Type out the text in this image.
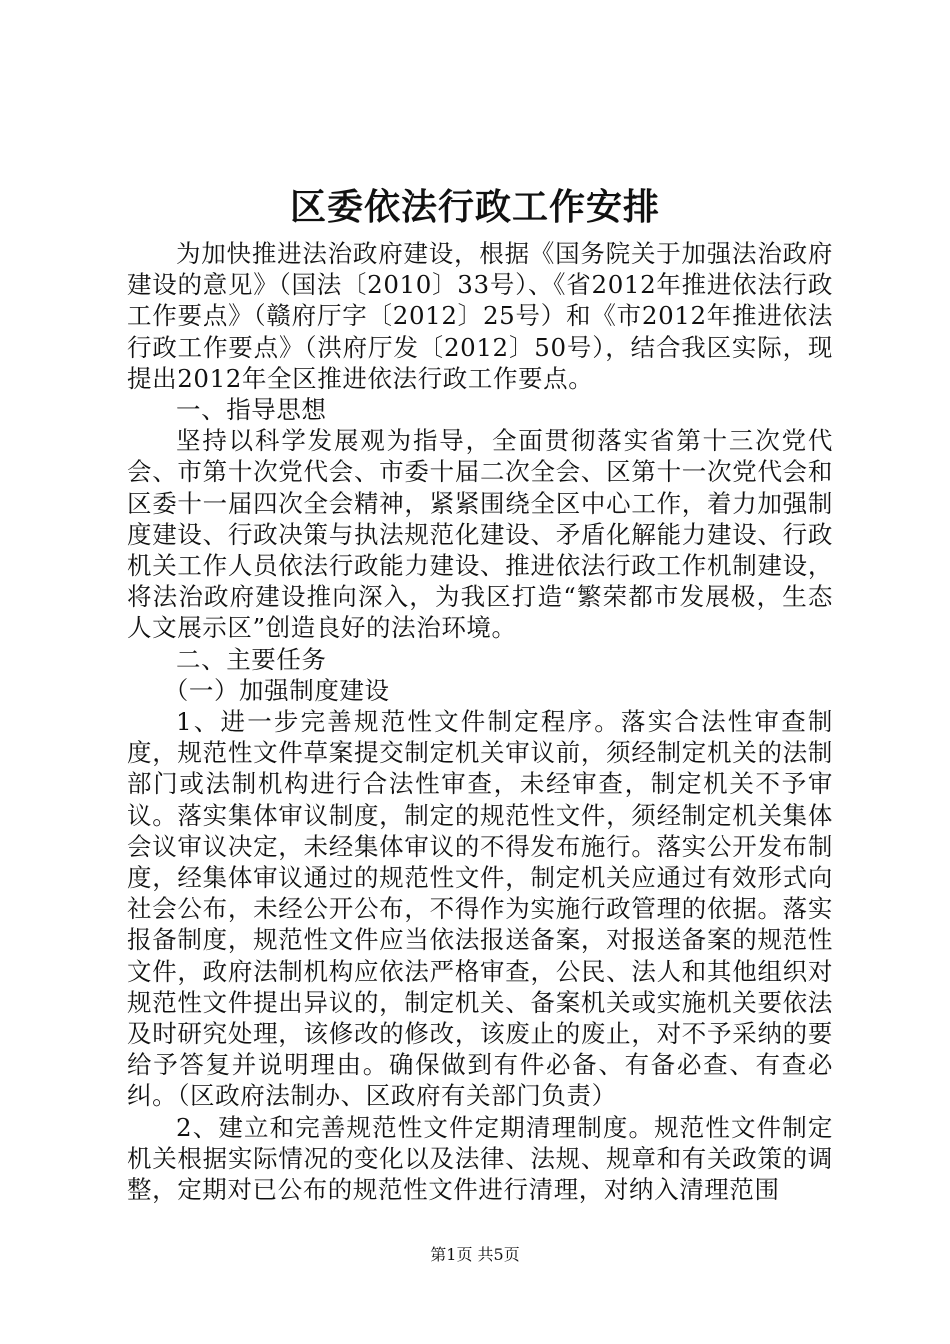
区委依法行政工作安排

为加快推进法治政府建设，根据《国务院关于加强法治政府建设的意见》（国法〔2010〕33号）、《省2012年推进依法行政工作要点》（赣府厅字〔2012〕25号）和《市2012年推进依法行政工作要点》（洪府厅发〔2012〕50号），结合我区实际，现提出2012年全区推进依法行政工作要点。

一、指导思想

坚持以科学发展观为指导，全面贯彻落实省第十三次党代会、市第十次党代会、市委十届二次全会、区第十一次党代会和区委十一届四次全会精神，紧紧围绕全区中心工作，着力加强制度建设、行政决策与执法规范化建设、矛盾化解能力建设、行政机关工作人员依法行政能力建设、推进依法行政工作机制建设，将法治政府建设推向深入，为我区打造“繁荣都市发展极，生态人文展示区”创造良好的法治环境。

二、主要任务

（一）加强制度建设

1、进一步完善规范性文件制定程序。落实合法性审查制度，规范性文件草案提交制定机关审议前，须经制定机关的法制部门或法制机构进行合法性审查，未经审查，制定机关不予审议。落实集体审议制度，制定的规范性文件，须经制定机关集体会议审议决定，未经集体审议的不得发布施行。落实公开发布制度，经集体审议通过的规范性文件，制定机关应通过有效形式向社会公布，未经公开公布，不得作为实施行政管理的依据。落实报备制度，规范性文件应当依法报送备案，对报送备案的规范性文件，政府法制机构应依法严格审查，公民、法人和其他组织对规范性文件提出异议的，制定机关、备案机关或实施机关要依法及时研究处理，该修改的修改，该废止的废止，对不予采纳的要给予答复并说明理由。确保做到有件必备、有备必查、有查必纠。（区政府法制办、区政府有关部门负责）

2、建立和完善规范性文件定期清理制度。规范性文件制定机关根据实际情况的变化以及法律、法规、规章和有关政策的调整，定期对已公布的规范性文件进行清理，对纳入清理范围

第1页 共5页
